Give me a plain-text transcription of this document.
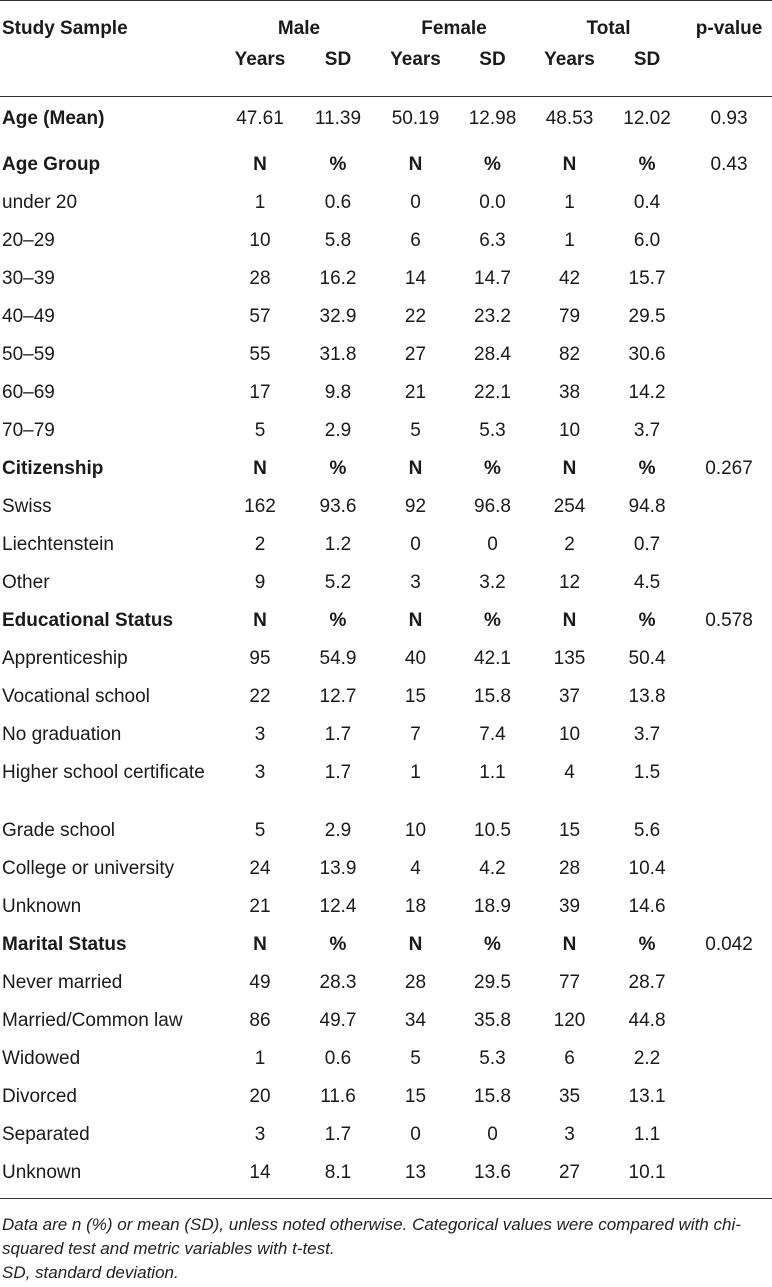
Study Sample	Male		Female		Total		p-value
	Years	SD	Years	SD	Years	SD	
Age (Mean)	47.61	11.39	50.19	12.98	48.53	12.02	0.93
Age Group	N	%	N	%	N	%	0.43
under 20	1	0.6	0	0.0	1	0.4	
20–29	10	5.8	6	6.3	1	6.0	
30–39	28	16.2	14	14.7	42	15.7	
40–49	57	32.9	22	23.2	79	29.5	
50–59	55	31.8	27	28.4	82	30.6	
60–69	17	9.8	21	22.1	38	14.2	
70–79	5	2.9	5	5.3	10	3.7	
Citizenship	N	%	N	%	N	%	0.267
Swiss	162	93.6	92	96.8	254	94.8	
Liechtenstein	2	1.2	0	0	2	0.7	
Other	9	5.2	3	3.2	12	4.5	
Educational Status	N	%	N	%	N	%	0.578
Apprenticeship	95	54.9	40	42.1	135	50.4	
Vocational school	22	12.7	15	15.8	37	13.8	
No graduation	3	1.7	7	7.4	10	3.7	
Higher school certificate	3	1.7	1	1.1	4	1.5	
Grade school	5	2.9	10	10.5	15	5.6	
College or university	24	13.9	4	4.2	28	10.4	
Unknown	21	12.4	18	18.9	39	14.6	
Marital Status	N	%	N	%	N	%	0.042
Never married	49	28.3	28	29.5	77	28.7	
Married/Common law	86	49.7	34	35.8	120	44.8	
Widowed	1	0.6	5	5.3	6	2.2	
Divorced	20	11.6	15	15.8	35	13.1	
Separated	3	1.7	0	0	3	1.1	
Unknown	14	8.1	13	13.6	27	10.1	
Data are n (%) or mean (SD), unless noted otherwise. Categorical values were compared with chi-squared test and metric variables with t-test.
SD, standard deviation.
